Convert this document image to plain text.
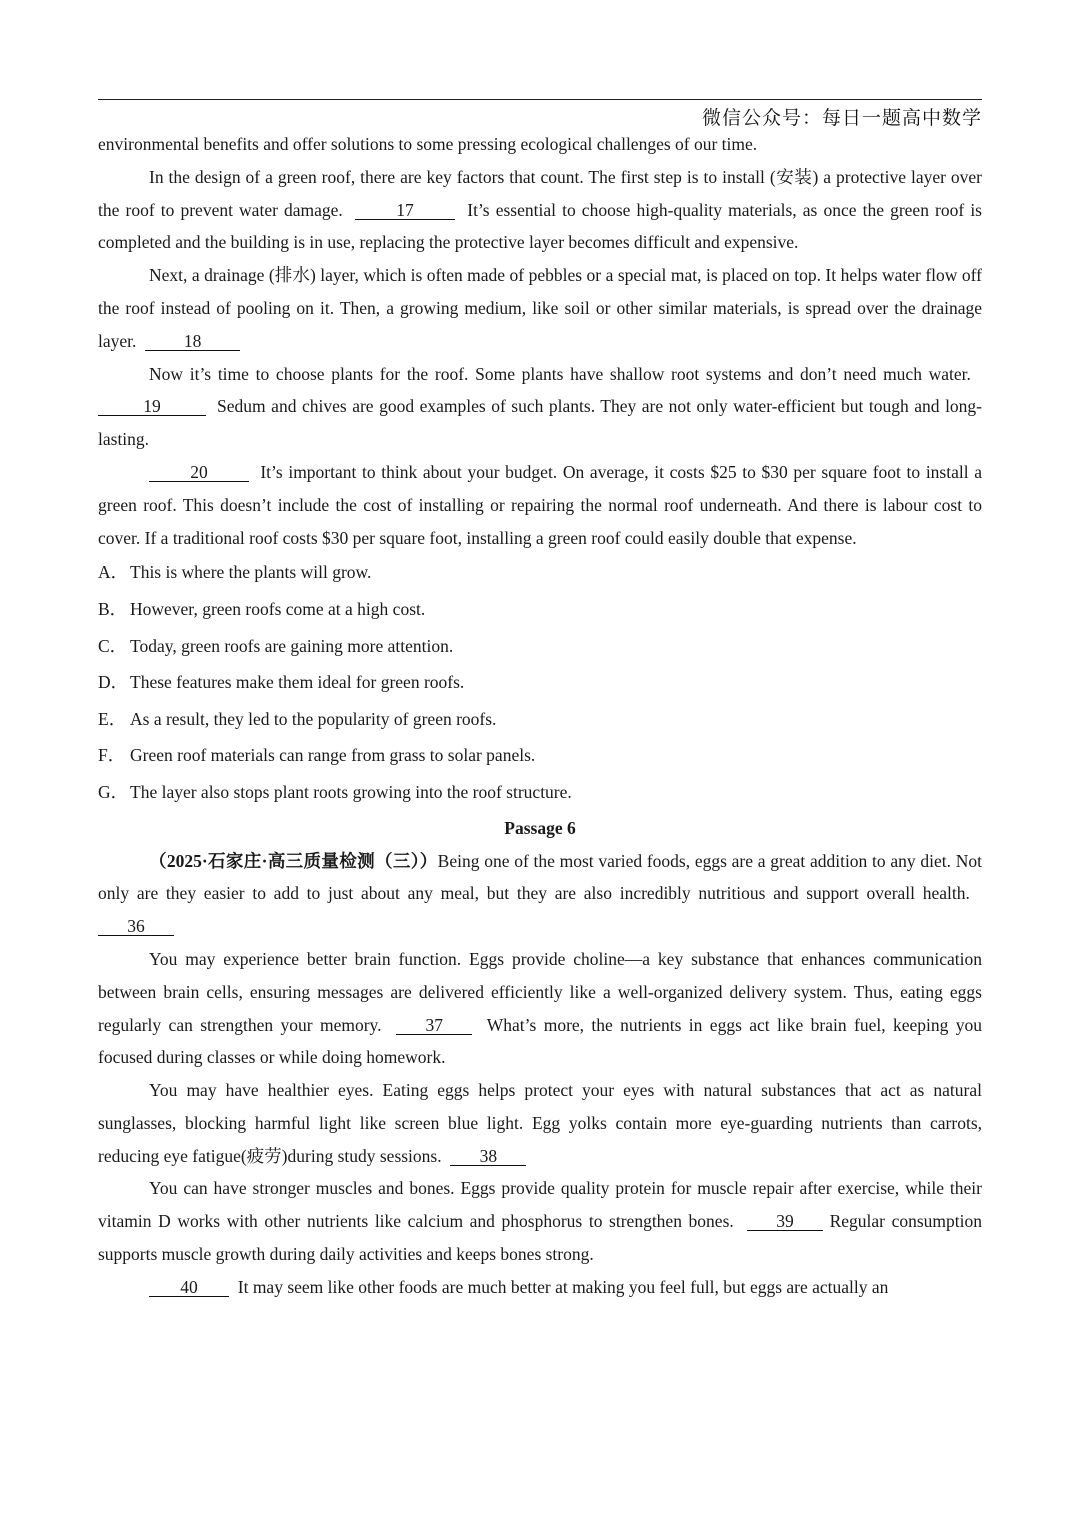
微信公众号：每日一题高中数学

environmental benefits and offer solutions to some pressing ecological challenges of our time.

In the design of a green roof, there are key factors that count. The first step is to install (安装) a protective layer over the roof to prevent water damage.	17	It’s essential to choose high-quality materials, as once the green roof is completed and the building is in use, replacing the protective layer becomes difficult and expensive.

Next, a drainage (排水) layer, which is often made of pebbles or a special mat, is placed on top. It helps water flow off the roof instead of pooling on it. Then, a growing medium, like soil or other similar materials, is spread over the drainage layer.	18

Now it’s time to choose plants for the roof. Some plants have shallow root systems and don’t need much water.  19	Sedum and chives are good examples of such plants. They are not only water-efficient but tough and long-lasting.

20	It’s important to think about your budget. On average, it costs $25 to $30 per square foot to install a green roof. This doesn’t include the cost of installing or repairing the normal roof underneath. And there is labour cost to cover. If a traditional roof costs $30 per square foot, installing a green roof could easily double that expense.

A． This is where the plants will grow.

B． However, green roofs come at a high cost.

C． Today, green roofs are gaining more attention.

D． These features make them ideal for green roofs.

E． As a result, they led to the popularity of green roofs.

F． Green roof materials can range from grass to solar panels.

G． The layer also stops plant roots growing into the roof structure.

Passage 6

（2025·石家庄·高三质量检测（三））Being one of the most varied foods, eggs are a great addition to any diet. Not only are they easier to add to just about any meal, but they are also incredibly nutritious and support overall health.  36

You may experience better brain function. Eggs provide choline—a key substance that enhances communication between brain cells, ensuring messages are delivered efficiently like a well-organized delivery system. Thus, eating eggs regularly can strengthen your memory.	37 What’s more, the nutrients in eggs act like brain fuel, keeping you focused during classes or while doing homework.

You may have healthier eyes. Eating eggs helps protect your eyes with natural substances that act as natural sunglasses, blocking harmful light like screen blue light. Egg yolks contain more eye-guarding nutrients than carrots, reducing eye fatigue(疲劳)during study sessions. 38

You can have stronger muscles and bones. Eggs provide quality protein for muscle repair after exercise, while their vitamin D works with other nutrients like calcium and phosphorus to strengthen bones. 39 Regular consumption supports muscle growth during daily activities and keeps bones strong.

40 It may seem like other foods are much better at making you feel full, but eggs are actually an
